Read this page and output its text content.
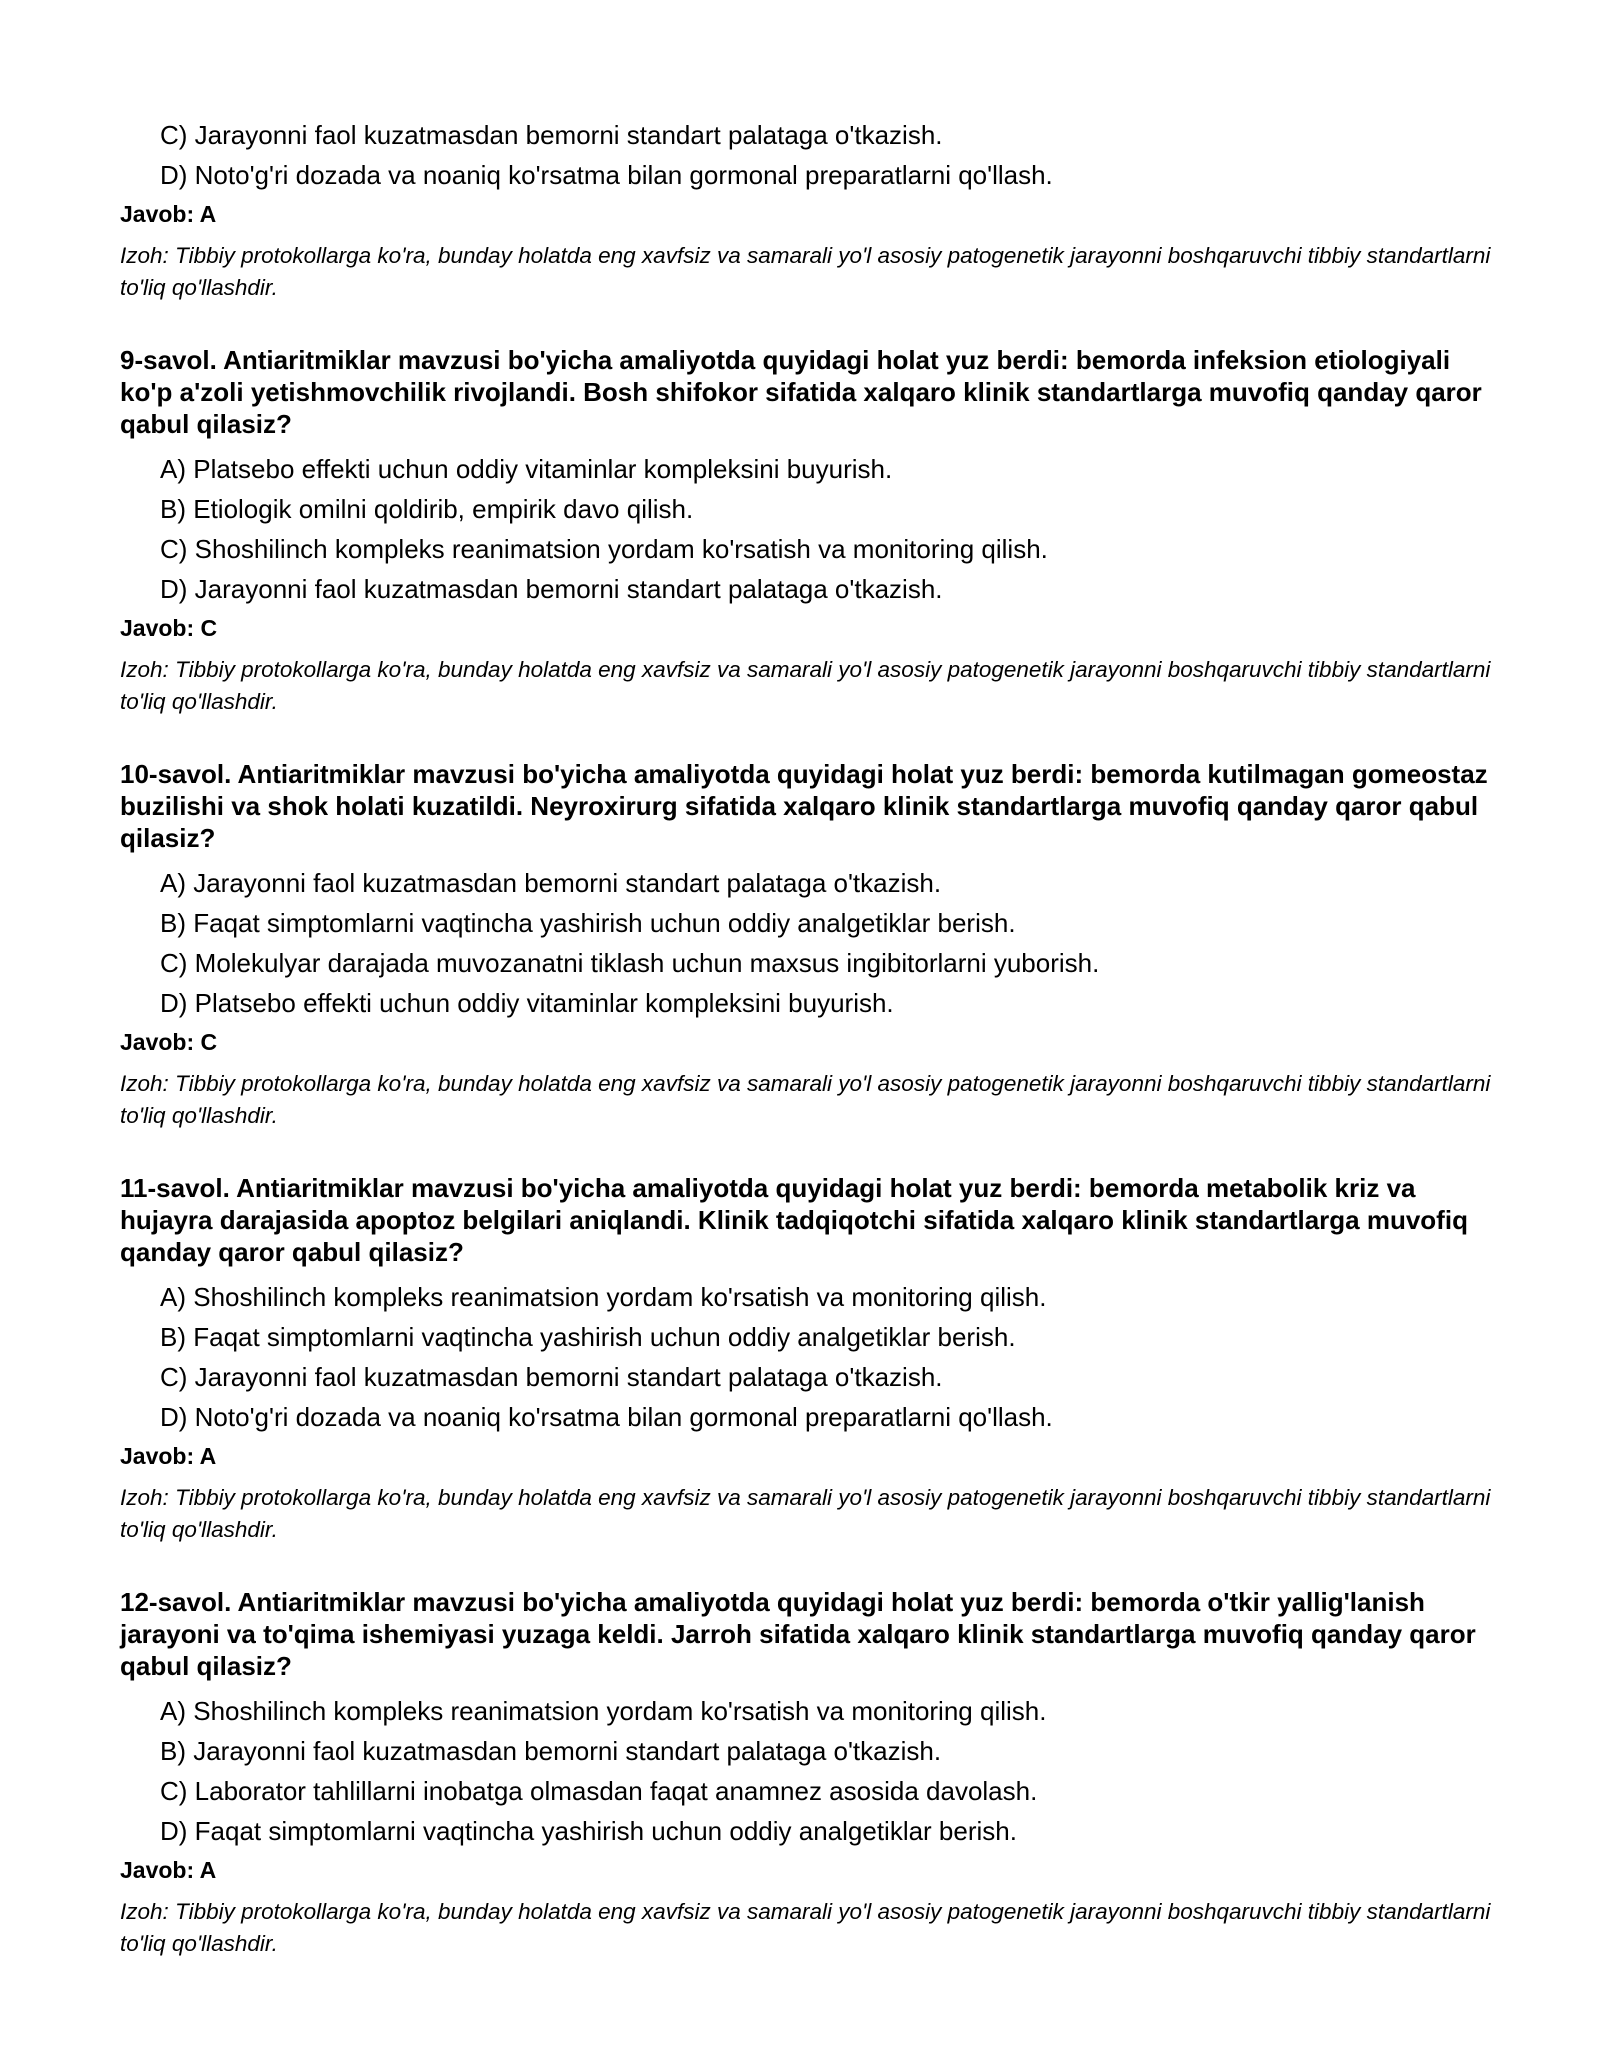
C) Jarayonni faol kuzatmasdan bemorni standart palataga o'tkazish.
D) Noto'g'ri dozada va noaniq ko'rsatma bilan gormonal preparatlarni qo'llash.

Javob: A

Izoh: Tibbiy protokollarga ko'ra, bunday holatda eng xavfsiz va samarali yo'l asosiy patogenetik jarayonni boshqaruvchi tibbiy standartlarni to'liq qo'llashdir.

9-savol. Antiaritmiklar mavzusi bo'yicha amaliyotda quyidagi holat yuz berdi: bemorda infeksion etiologiyali ko'p a'zoli yetishmovchilik rivojlandi. Bosh shifokor sifatida xalqaro klinik standartlarga muvofiq qanday qaror qabul qilasiz?

A) Platsebo effekti uchun oddiy vitaminlar kompleksini buyurish.
B) Etiologik omilni qoldirib, empirik davo qilish.
C) Shoshilinch kompleks reanimatsion yordam ko'rsatish va monitoring qilish.
D) Jarayonni faol kuzatmasdan bemorni standart palataga o'tkazish.

Javob: C

Izoh: Tibbiy protokollarga ko'ra, bunday holatda eng xavfsiz va samarali yo'l asosiy patogenetik jarayonni boshqaruvchi tibbiy standartlarni to'liq qo'llashdir.

10-savol. Antiaritmiklar mavzusi bo'yicha amaliyotda quyidagi holat yuz berdi: bemorda kutilmagan gomeostaz buzilishi va shok holati kuzatildi. Neyroxirurg sifatida xalqaro klinik standartlarga muvofiq qanday qaror qabul qilasiz?

A) Jarayonni faol kuzatmasdan bemorni standart palataga o'tkazish.
B) Faqat simptomlarni vaqtincha yashirish uchun oddiy analgetiklar berish.
C) Molekulyar darajada muvozanatni tiklash uchun maxsus ingibitorlarni yuborish.
D) Platsebo effekti uchun oddiy vitaminlar kompleksini buyurish.

Javob: C

Izoh: Tibbiy protokollarga ko'ra, bunday holatda eng xavfsiz va samarali yo'l asosiy patogenetik jarayonni boshqaruvchi tibbiy standartlarni to'liq qo'llashdir.

11-savol. Antiaritmiklar mavzusi bo'yicha amaliyotda quyidagi holat yuz berdi: bemorda metabolik kriz va hujayra darajasida apoptoz belgilari aniqlandi. Klinik tadqiqotchi sifatida xalqaro klinik standartlarga muvofiq qanday qaror qabul qilasiz?

A) Shoshilinch kompleks reanimatsion yordam ko'rsatish va monitoring qilish.
B) Faqat simptomlarni vaqtincha yashirish uchun oddiy analgetiklar berish.
C) Jarayonni faol kuzatmasdan bemorni standart palataga o'tkazish.
D) Noto'g'ri dozada va noaniq ko'rsatma bilan gormonal preparatlarni qo'llash.

Javob: A

Izoh: Tibbiy protokollarga ko'ra, bunday holatda eng xavfsiz va samarali yo'l asosiy patogenetik jarayonni boshqaruvchi tibbiy standartlarni to'liq qo'llashdir.

12-savol. Antiaritmiklar mavzusi bo'yicha amaliyotda quyidagi holat yuz berdi: bemorda o'tkir yallig'lanish jarayoni va to'qima ishemiyasi yuzaga keldi. Jarroh sifatida xalqaro klinik standartlarga muvofiq qanday qaror qabul qilasiz?

A) Shoshilinch kompleks reanimatsion yordam ko'rsatish va monitoring qilish.
B) Jarayonni faol kuzatmasdan bemorni standart palataga o'tkazish.
C) Laborator tahlillarni inobatga olmasdan faqat anamnez asosida davolash.
D) Faqat simptomlarni vaqtincha yashirish uchun oddiy analgetiklar berish.

Javob: A

Izoh: Tibbiy protokollarga ko'ra, bunday holatda eng xavfsiz va samarali yo'l asosiy patogenetik jarayonni boshqaruvchi tibbiy standartlarni to'liq qo'llashdir.
